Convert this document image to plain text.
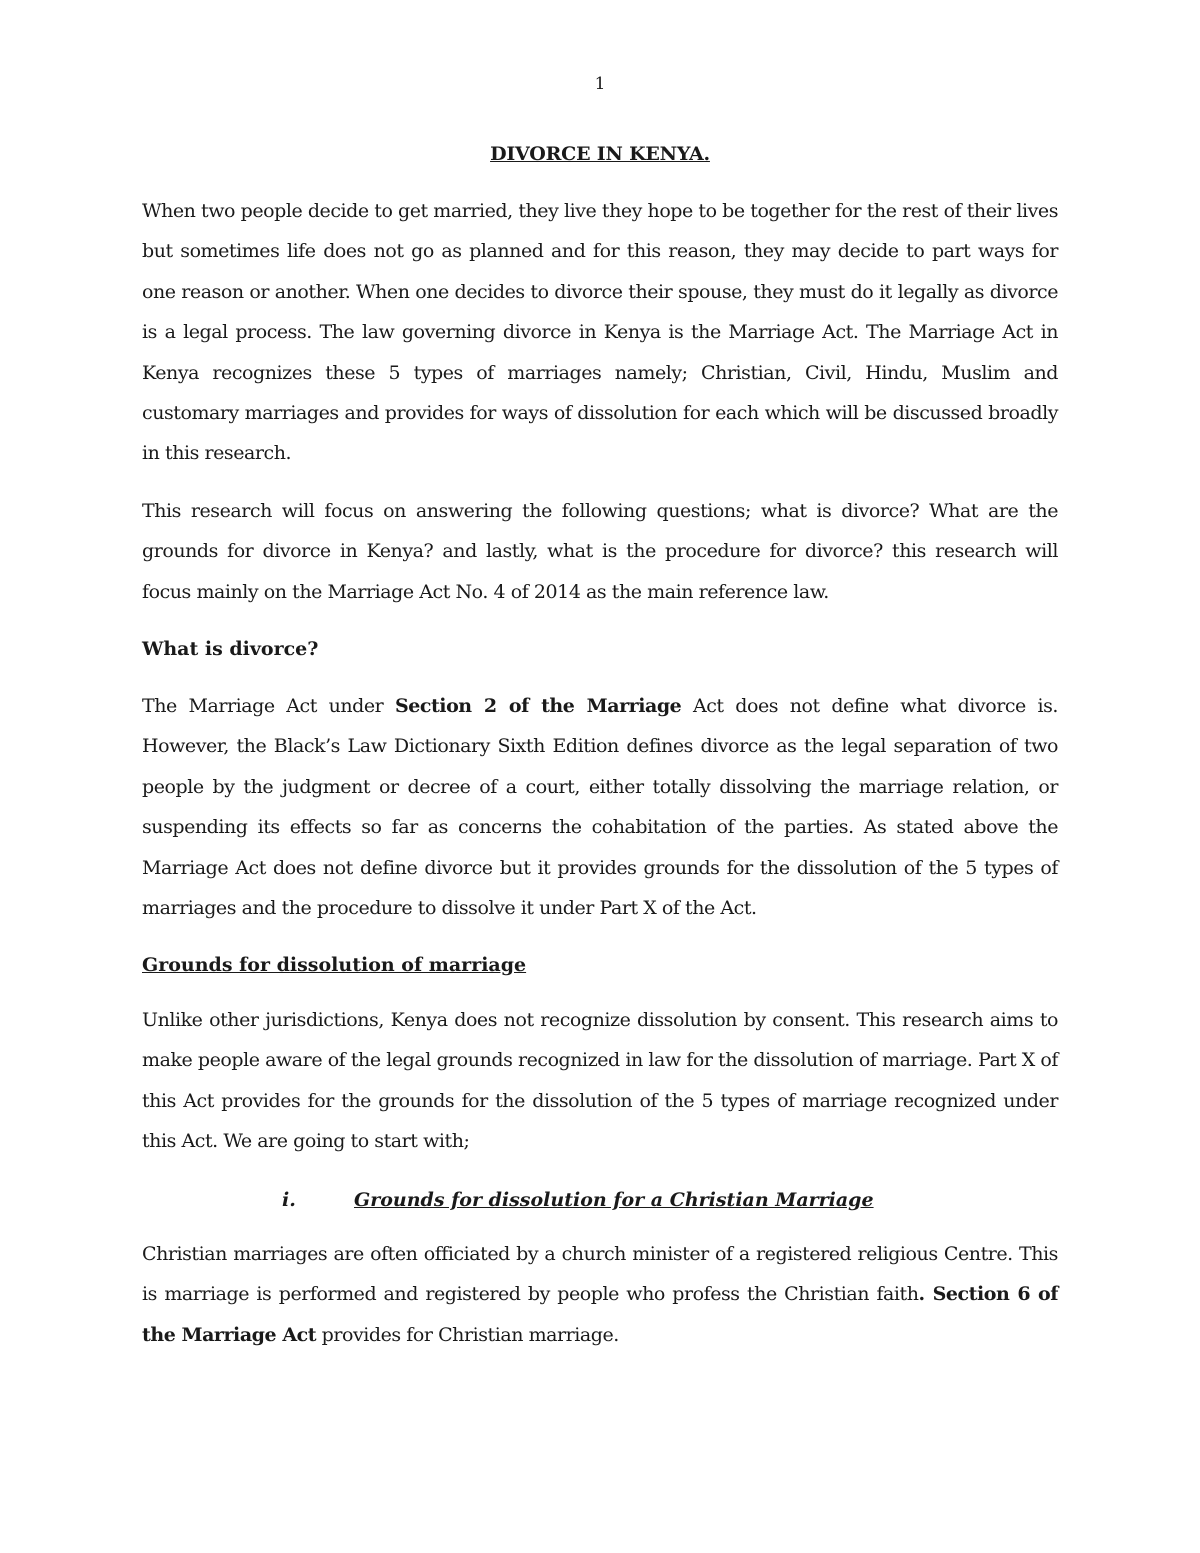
1
DIVORCE IN KENYA.

When two people decide to get married, they live they hope to be together for the rest of their lives but sometimes life does not go as planned and for this reason, they may decide to part ways for one reason or another. When one decides to divorce their spouse, they must do it legally as divorce is a legal process. The law governing divorce in Kenya is the Marriage Act. The Marriage Act in Kenya recognizes these 5 types of marriages namely; Christian, Civil, Hindu, Muslim and customary marriages and provides for ways of dissolution for each which will be discussed broadly in this research.

This research will focus on answering the following questions; what is divorce? What are the grounds for divorce in Kenya? and lastly, what is the procedure for divorce? this research will focus mainly on the Marriage Act No. 4 of 2014 as the main reference law.

What is divorce?

The Marriage Act under Section 2 of the Marriage Act does not define what divorce is. However, the Black’s Law Dictionary Sixth Edition defines divorce as the legal separation of two people by the judgment or decree of a court, either totally dissolving the marriage relation, or suspending its effects so far as concerns the cohabitation of the parties. As stated above the Marriage Act does not define divorce but it provides grounds for the dissolution of the 5 types of marriages and the procedure to dissolve it under Part X of the Act.

Grounds for dissolution of marriage

Unlike other jurisdictions, Kenya does not recognize dissolution by consent. This research aims to make people aware of the legal grounds recognized in law for the dissolution of marriage. Part X of this Act provides for the grounds for the dissolution of the 5 types of marriage recognized under this Act. We are going to start with;

i.	Grounds for dissolution for a Christian Marriage

Christian marriages are often officiated by a church minister of a registered religious Centre. This is marriage is performed and registered by people who profess the Christian faith. Section 6 of the Marriage Act provides for Christian marriage.
